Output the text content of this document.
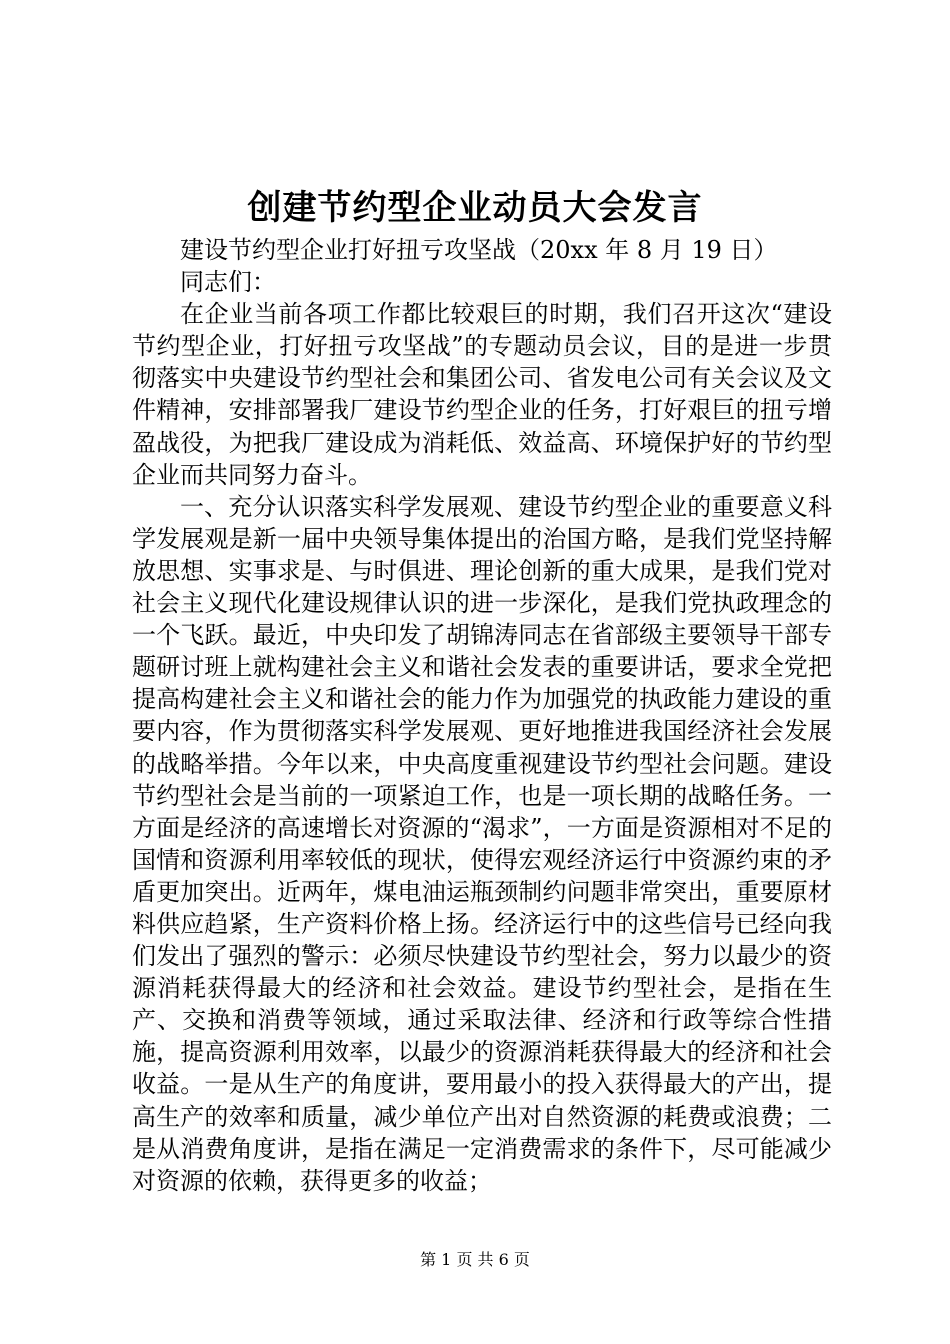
创建节约型企业动员大会发言
建设节约型企业打好扭亏攻坚战（20xx 年 8 月 19 日）
同志们：

在企业当前各项工作都比较艰巨的时期，我们召开这次“建设节约型企业，打好扭亏攻坚战”的专题动员会议，目的是进一步贯彻落实中央建设节约型社会和集团公司、省发电公司有关会议及文件精神，安排部署我厂建设节约型企业的任务，打好艰巨的扭亏增盈战役，为把我厂建设成为消耗低、效益高、环境保护好的节约型企业而共同努力奋斗。

一、充分认识落实科学发展观、建设节约型企业的重要意义科学发展观是新一届中央领导集体提出的治国方略，是我们党坚持解放思想、实事求是、与时俱进、理论创新的重大成果，是我们党对社会主义现代化建设规律认识的进一步深化，是我们党执政理念的一个飞跃。最近，中央印发了胡锦涛同志在省部级主要领导干部专题研讨班上就构建社会主义和谐社会发表的重要讲话，要求全党把提高构建社会主义和谐社会的能力作为加强党的执政能力建设的重要内容，作为贯彻落实科学发展观、更好地推进我国经济社会发展的战略举措。今年以来，中央高度重视建设节约型社会问题。建设节约型社会是当前的一项紧迫工作，也是一项长期的战略任务。一方面是经济的高速增长对资源的“渴求”，一方面是资源相对不足的国情和资源利用率较低的现状，使得宏观经济运行中资源约束的矛盾更加突出。近两年，煤电油运瓶颈制约问题非常突出，重要原材料供应趋紧，生产资料价格上扬。经济运行中的这些信号已经向我们发出了强烈的警示：必须尽快建设节约型社会，努力以最少的资源消耗获得最大的经济和社会效益。建设节约型社会，是指在生产、交换和消费等领域，通过采取法律、经济和行政等综合性措施，提高资源利用效率，以最少的资源消耗获得最大的经济和社会收益。一是从生产的角度讲，要用最小的投入获得最大的产出，提高生产的效率和质量，减少单位产出对自然资源的耗费或浪费；二是从消费角度讲，是指在满足一定消费需求的条件下，尽可能减少对资源的依赖，获得更多的收益；

第 1 页 共 6 页
